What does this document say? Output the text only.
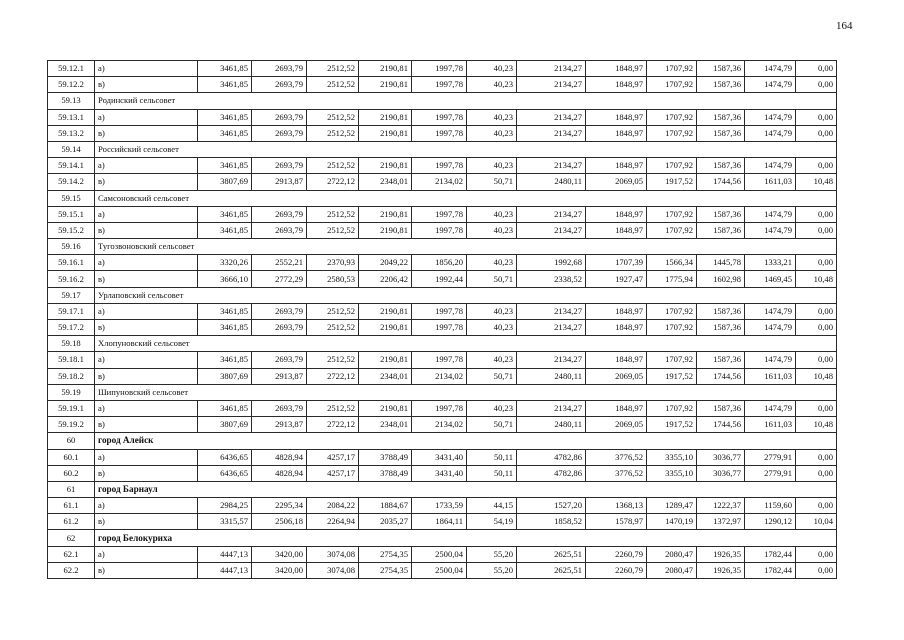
164
59.12.1	а)	3461,85	2693,79	2512,52	2190,81	1997,78	40,23	2134,27	1848,97	1707,92	1587,36	1474,79	0,00
59.12.2	в)	3461,85	2693,79	2512,52	2190,81	1997,78	40,23	2134,27	1848,97	1707,92	1587,36	1474,79	0,00
59.13	Родинский сельсовет												
59.13.1	а)	3461,85	2693,79	2512,52	2190,81	1997,78	40,23	2134,27	1848,97	1707,92	1587,36	1474,79	0,00
59.13.2	в)	3461,85	2693,79	2512,52	2190,81	1997,78	40,23	2134,27	1848,97	1707,92	1587,36	1474,79	0,00
59.14	Российский сельсовет												
59.14.1	а)	3461,85	2693,79	2512,52	2190,81	1997,78	40,23	2134,27	1848,97	1707,92	1587,36	1474,79	0,00
59.14.2	в)	3807,69	2913,87	2722,12	2348,01	2134,02	50,71	2480,11	2069,05	1917,52	1744,56	1611,03	10,48
59.15	Самсоновский сельсовет												
59.15.1	а)	3461,85	2693,79	2512,52	2190,81	1997,78	40,23	2134,27	1848,97	1707,92	1587,36	1474,79	0,00
59.15.2	в)	3461,85	2693,79	2512,52	2190,81	1997,78	40,23	2134,27	1848,97	1707,92	1587,36	1474,79	0,00
59.16	Тугозвоновский сельсовет												
59.16.1	а)	3320,26	2552,21	2370,93	2049,22	1856,20	40,23	1992,68	1707,39	1566,34	1445,78	1333,21	0,00
59.16.2	в)	3666,10	2772,29	2580,53	2206,42	1992,44	50,71	2338,52	1927,47	1775,94	1602,98	1469,45	10,48
59.17	Урлаповский сельсовет												
59.17.1	а)	3461,85	2693,79	2512,52	2190,81	1997,78	40,23	2134,27	1848,97	1707,92	1587,36	1474,79	0,00
59.17.2	в)	3461,85	2693,79	2512,52	2190,81	1997,78	40,23	2134,27	1848,97	1707,92	1587,36	1474,79	0,00
59.18	Хлопуновский сельсовет												
59.18.1	а)	3461,85	2693,79	2512,52	2190,81	1997,78	40,23	2134,27	1848,97	1707,92	1587,36	1474,79	0,00
59.18.2	в)	3807,69	2913,87	2722,12	2348,01	2134,02	50,71	2480,11	2069,05	1917,52	1744,56	1611,03	10,48
59.19	Шипуновский сельсовет												
59.19.1	а)	3461,85	2693,79	2512,52	2190,81	1997,78	40,23	2134,27	1848,97	1707,92	1587,36	1474,79	0,00
59.19.2	в)	3807,69	2913,87	2722,12	2348,01	2134,02	50,71	2480,11	2069,05	1917,52	1744,56	1611,03	10,48
60	город Алейск												
60.1	а)	6436,65	4828,94	4257,17	3788,49	3431,40	50,11	4782,86	3776,52	3355,10	3036,77	2779,91	0,00
60.2	в)	6436,65	4828,94	4257,17	3788,49	3431,40	50,11	4782,86	3776,52	3355,10	3036,77	2779,91	0,00
61	город Барнаул												
61.1	а)	2984,25	2295,34	2084,22	1884,67	1733,59	44,15	1527,20	1368,13	1289,47	1222,37	1159,60	0,00
61.2	в)	3315,57	2506,18	2264,94	2035,27	1864,11	54,19	1858,52	1578,97	1470,19	1372,97	1290,12	10,04
62	город Белокуриха												
62.1	а)	4447,13	3420,00	3074,08	2754,35	2500,04	55,20	2625,51	2260,79	2080,47	1926,35	1782,44	0,00
62.2	в)	4447,13	3420,00	3074,08	2754,35	2500,04	55,20	2625,51	2260,79	2080,47	1926,35	1782,44	0,00
